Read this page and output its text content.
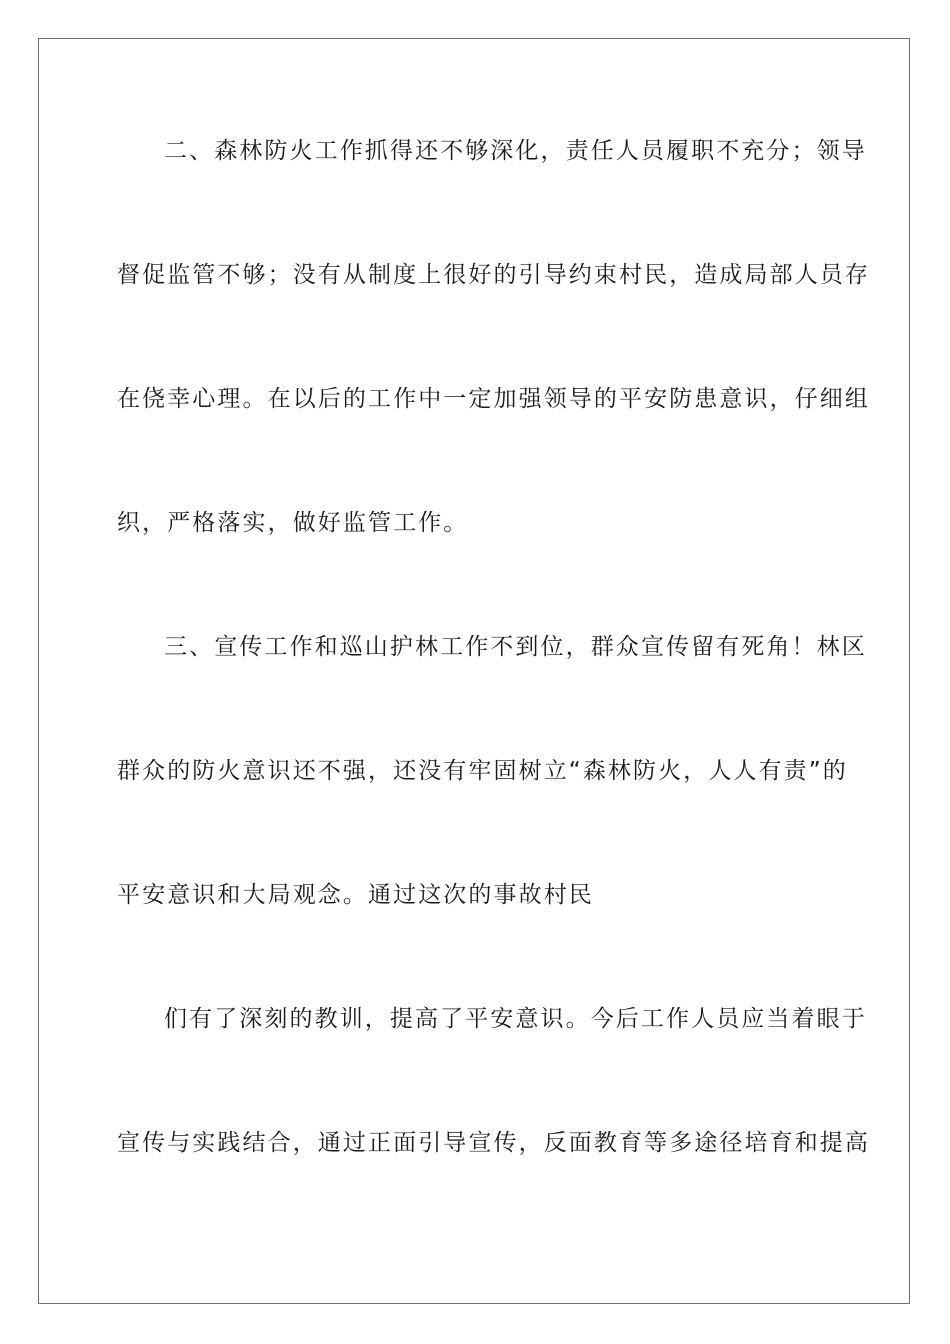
二、森林防火工作抓得还不够深化，责任人员履职不充分；领导
督促监管不够；没有从制度上很好的引导约束村民，造成局部人员存
在侥幸心理。在以后的工作中一定加强领导的平安防患意识，仔细组
织，严格落实，做好监管工作。
三、宣传工作和巡山护林工作不到位，群众宣传留有死角！林区
群众的防火意识还不强，还没有牢固树立“森林防火，人人有责”的
平安意识和大局观念。通过这次的事故村民
们有了深刻的教训，提高了平安意识。今后工作人员应当着眼于
宣传与实践结合，通过正面引导宣传，反面教育等多途径培育和提高
